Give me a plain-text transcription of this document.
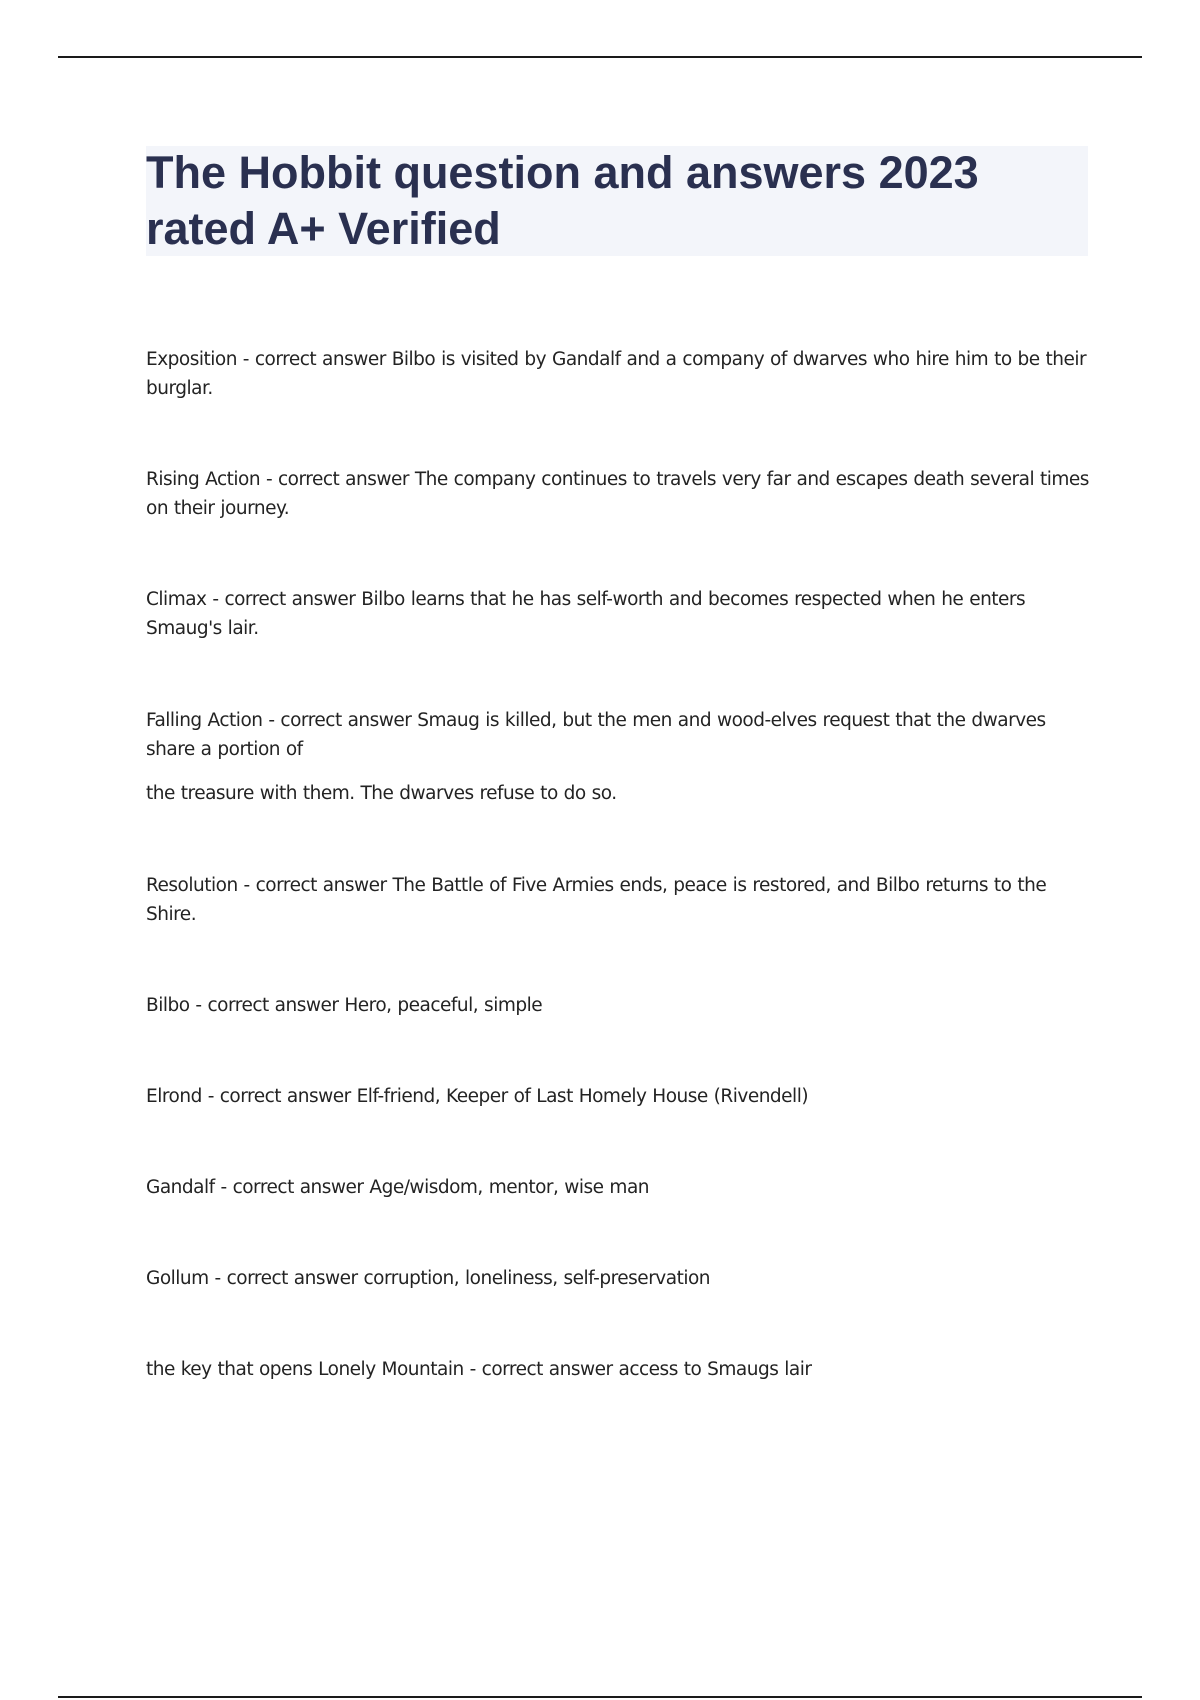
The Hobbit question and answers 2023 rated A+ Verified

Exposition - correct answer Bilbo is visited by Gandalf and a company of dwarves who hire him to be their burglar.

Rising Action - correct answer The company continues to travels very far and escapes death several times on their journey.

Climax - correct answer Bilbo learns that he has self-worth and becomes respected when he enters Smaug's lair.

Falling Action - correct answer Smaug is killed, but the men and wood-elves request that the dwarves share a portion of

the treasure with them. The dwarves refuse to do so.

Resolution - correct answer The Battle of Five Armies ends, peace is restored, and Bilbo returns to the Shire.

Bilbo - correct answer Hero, peaceful, simple

Elrond - correct answer Elf-friend, Keeper of Last Homely House (Rivendell)

Gandalf - correct answer Age/wisdom, mentor, wise man

Gollum - correct answer corruption, loneliness, self-preservation

the key that opens Lonely Mountain - correct answer access to Smaugs lair
